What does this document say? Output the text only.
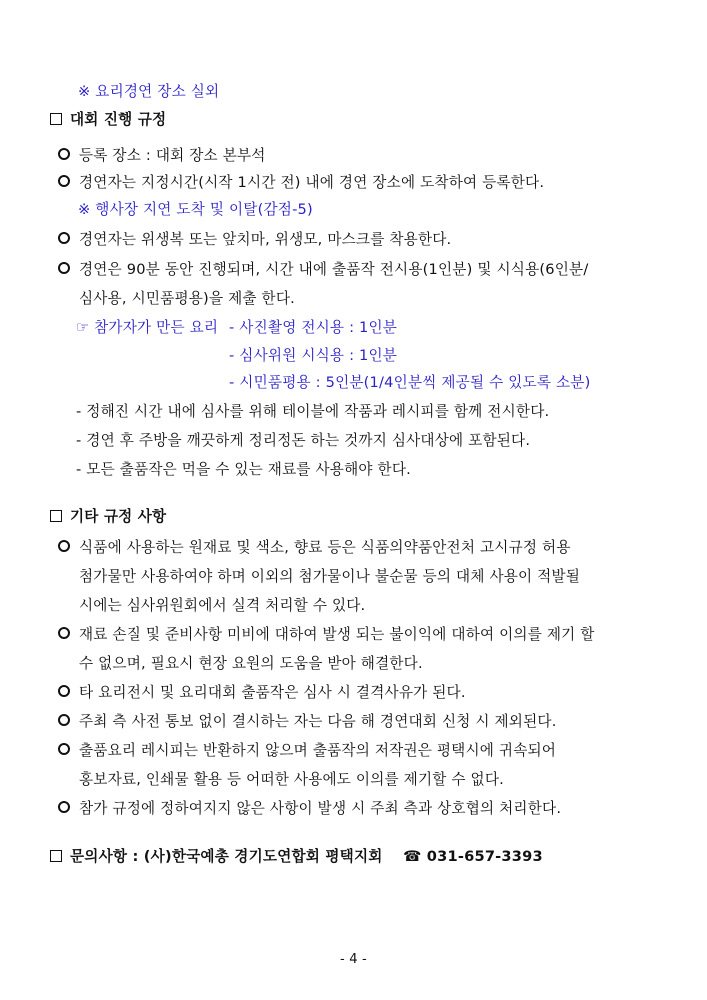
※ 요리경연 장소 실외
대회 진행 규정
등록 장소 : 대회 장소 본부석
경연자는 지정시간(시작 1시간 전) 내에 경연 장소에 도착하여 등록한다.
※ 행사장 지연 도착 및 이탈(감점-5)
경연자는 위생복 또는 앞치마, 위생모, 마스크를 착용한다.
경연은 90분 동안 진행되며, 시간 내에 출품작 전시용(1인분) 및 시식용(6인분/
심사용, 시민품평용)을 제출 한다.
☞ 참가자가 만든 요리 - 사진촬영 전시용 : 1인분
- 심사위원 시식용 : 1인분
- 시민품평용 : 5인분(1/4인분씩 제공될 수 있도록 소분)
- 정해진 시간 내에 심사를 위해 테이블에 작품과 레시피를 함께 전시한다.
- 경연 후 주방을 깨끗하게 정리정돈 하는 것까지 심사대상에 포함된다.
- 모든 출품작은 먹을 수 있는 재료를 사용해야 한다.
기타 규정 사항
식품에 사용하는 원재료 및 색소, 향료 등은 식품의약품안전처 고시규정 허용
첨가물만 사용하여야 하며 이외의 첨가물이나 불순물 등의 대체 사용이 적발될
시에는 심사위원회에서 실격 처리할 수 있다.
재료 손질 및 준비사항 미비에 대하여 발생 되는 불이익에 대하여 이의를 제기 할
수 없으며, 필요시 현장 요원의 도움을 받아 해결한다.
타 요리전시 및 요리대회 출품작은 심사 시 결격사유가 된다.
주최 측 사전 통보 없이 결시하는 자는 다음 해 경연대회 신청 시 제외된다.
출품요리 레시피는 반환하지 않으며 출품작의 저작권은 평택시에 귀속되어
홍보자료, 인쇄물 활용 등 어떠한 사용에도 이의를 제기할 수 없다.
참가 규정에 정하여지지 않은 사항이 발생 시 주최 측과 상호협의 처리한다.
문의사항 : (사)한국예총 경기도연합회 평택지회 ☎ 031-657-3393
- 4 -
